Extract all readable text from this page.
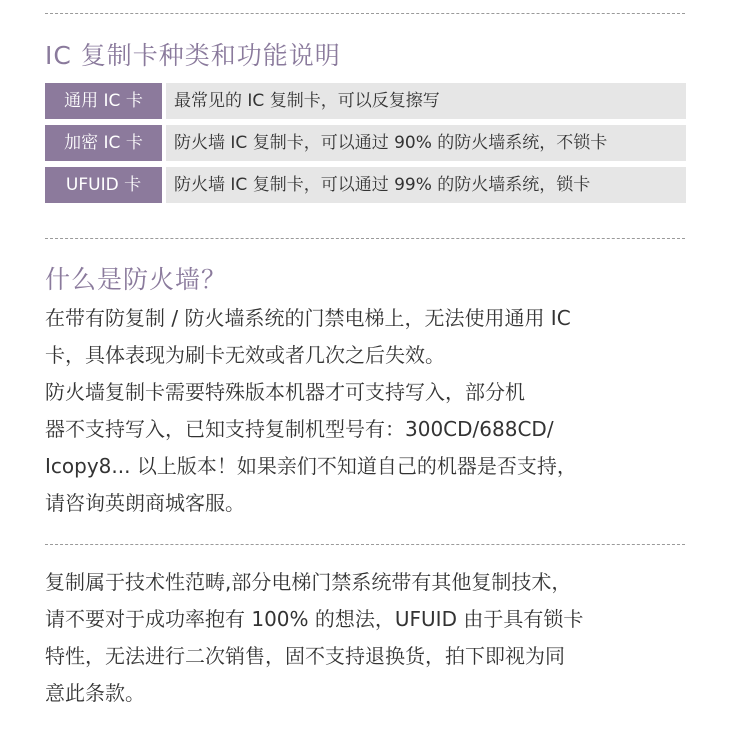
IC 复制卡种类和功能说明
通用 IC 卡	最常见的 IC 复制卡，可以反复擦写
加密 IC 卡	防火墙 IC 复制卡，可以通过 90% 的防火墙系统，不锁卡
UFUID 卡	防火墙 IC 复制卡，可以通过 99% 的防火墙系统，锁卡
什么是防火墙？

在带有防复制 / 防火墙系统的门禁电梯上，无法使用通用 IC

卡，具体表现为刷卡无效或者几次之后失效。

防火墙复制卡需要特殊版本机器才可支持写入，部分机

器不支持写入，已知支持复制机型号有：300CD/688CD/

Icopy8... 以上版本！如果亲们不知道自己的机器是否支持，

请咨询英朗商城客服。

复制属于技术性范畴,部分电梯门禁系统带有其他复制技术，

请不要对于成功率抱有 100% 的想法，UFUID 由于具有锁卡

特性，无法进行二次销售，固不支持退换货，拍下即视为同

意此条款。
